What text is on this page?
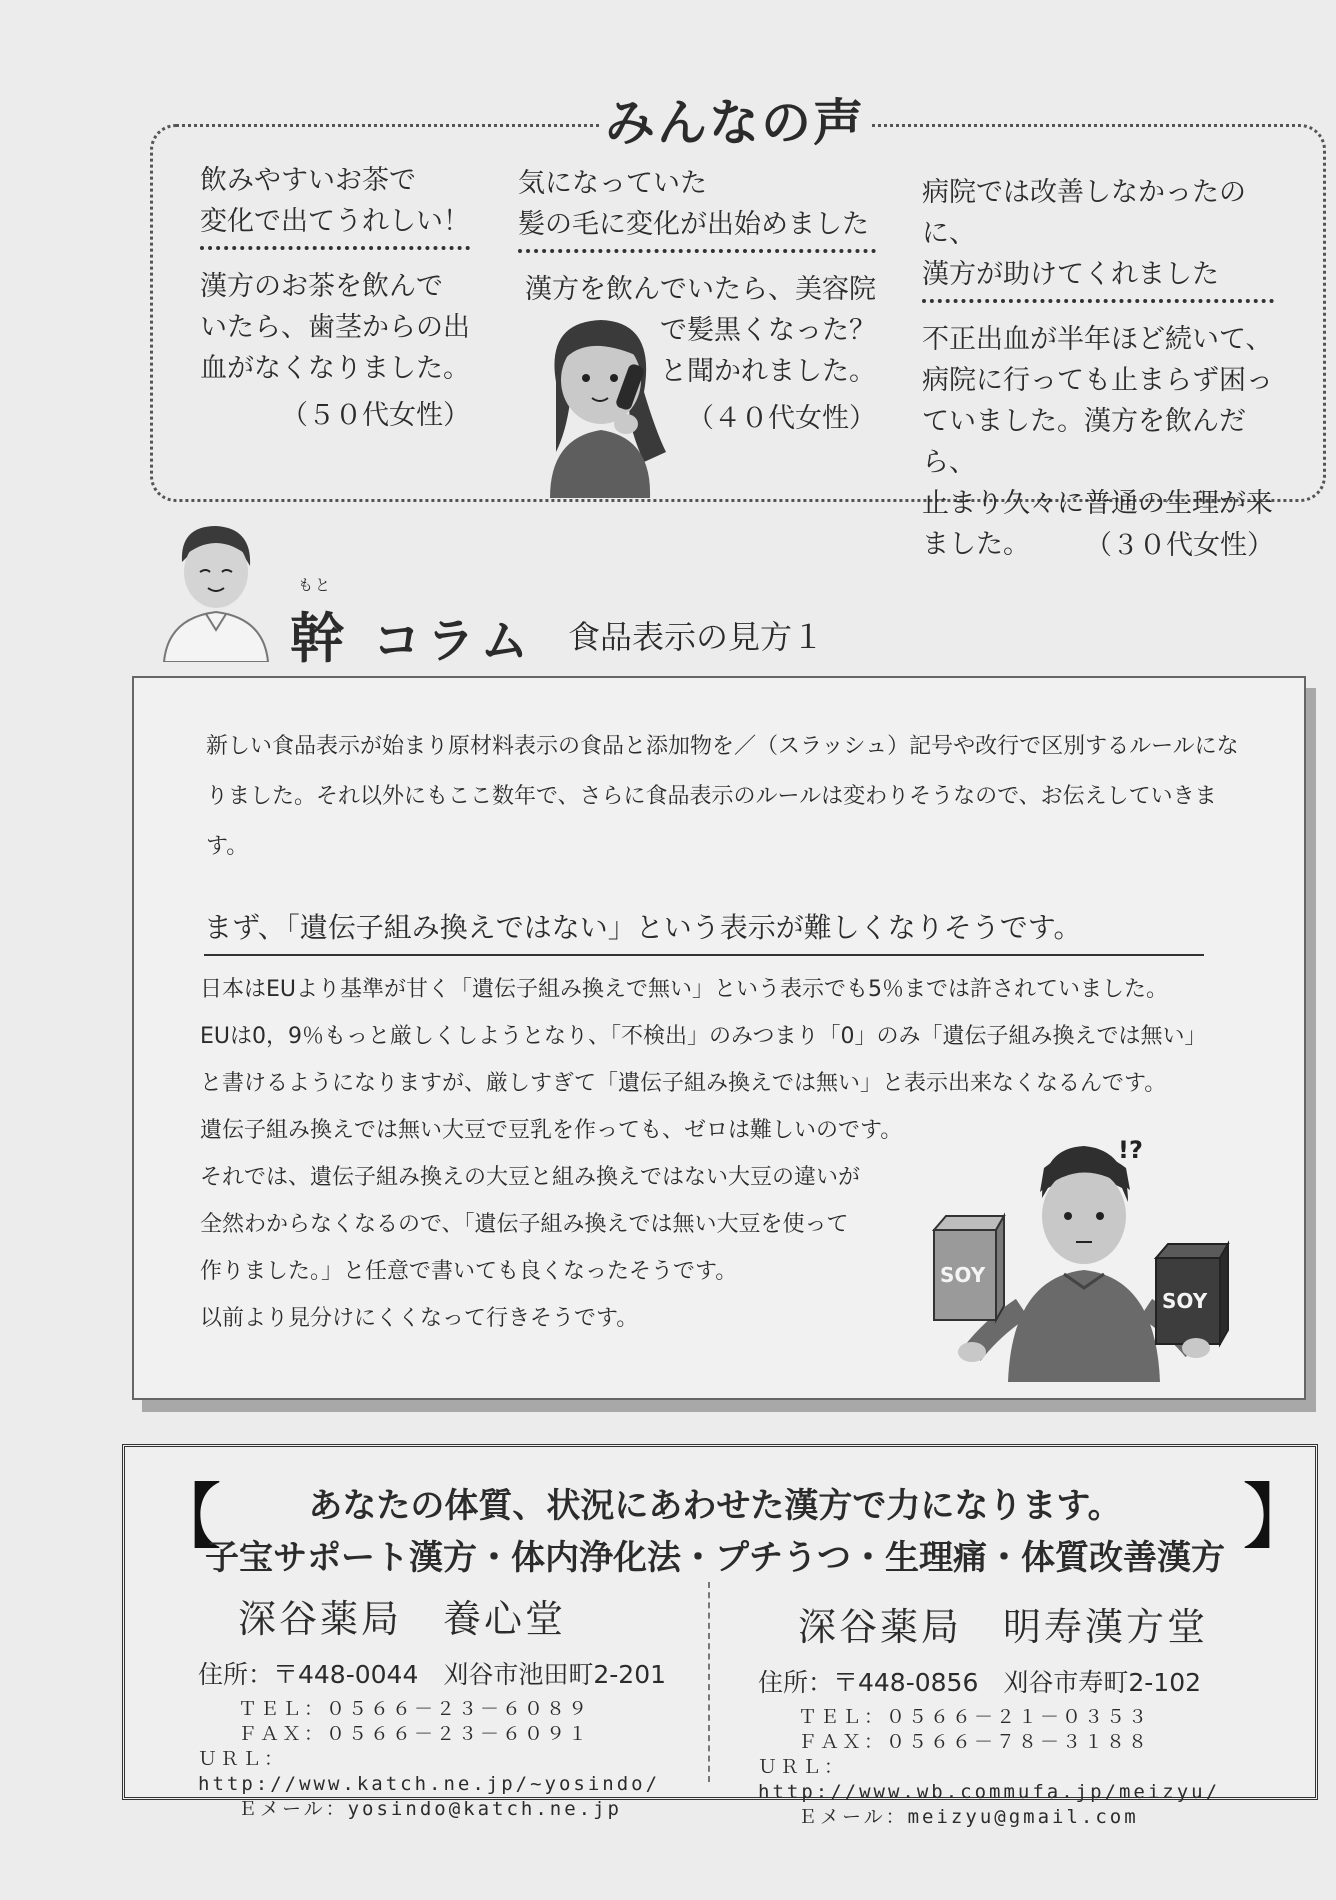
みんなの声

飲みやすいお茶で
変化で出てうれしい！

漢方のお茶を飲んで
いたら、歯茎からの出
血がなくなりました。

（５０代女性）

気になっていた
髪の毛に変化が出始めました

漢方を飲んでいたら、美容院
で髪黒くなった？
と聞かれました。

（４０代女性）

病院では改善しなかったのに、
漢方が助けてくれました

不正出血が半年ほど続いて、
病院に行っても止まらず困っ
ていました。漢方を飲んだら、
止まり久々に普通の生理が来
ました。	（３０代女性）

もと
幹 コラム 食品表示の見方１
新しい食品表示が始まり原材料表示の食品と添加物を／（スラッシュ）記号や改行で区別するルールになりました。それ以外にもここ数年で、さらに食品表示のルールは変わりそうなので、お伝えしていきます。
まず、「遺伝子組み換えではない」という表示が難しくなりそうです。

日本はEUより基準が甘く「遺伝子組み換えで無い」という表示でも5％までは許されていました。

EUは0，9％もっと厳しくしようとなり、「不検出」のみつまり「0」のみ「遺伝子組み換えでは無い」

と書けるようになりますが、厳しすぎて「遺伝子組み換えでは無い」と表示出来なくなるんです。

遺伝子組み換えでは無い大豆で豆乳を作っても、ゼロは難しいのです。

それでは、遺伝子組み換えの大豆と組み換えではない大豆の違いが

全然わからなくなるので、「遺伝子組み換えでは無い大豆を使って

作りました。」と任意で書いても良くなったそうです。

以前より見分けにくくなって行きそうです。

!?
SOY
SOY
【	】
あなたの体質、状況にあわせた漢方で力になります。
子宝サポート漢方・体内浄化法・プチうつ・生理痛・体質改善漢方

深谷薬局　養心堂

住所：〒448-0044　刈谷市池田町2-201

ＴＥＬ：０５６６－２３－６０８９

ＦＡＸ：０５６６－２３－６０９１

ＵＲＬ：http://www.katch.ne.jp/~yosindo/

Ｅメール：yosindo@katch.ne.jp

深谷薬局　明寿漢方堂

住所：〒448-0856　刈谷市寿町2-102

ＴＥＬ：０５６６－２１－０３５３

ＦＡＸ：０５６６－７８－３１８８

ＵＲＬ：http://www.wb.commufa.jp/meizyu/

Ｅメール：meizyu@gmail.com
